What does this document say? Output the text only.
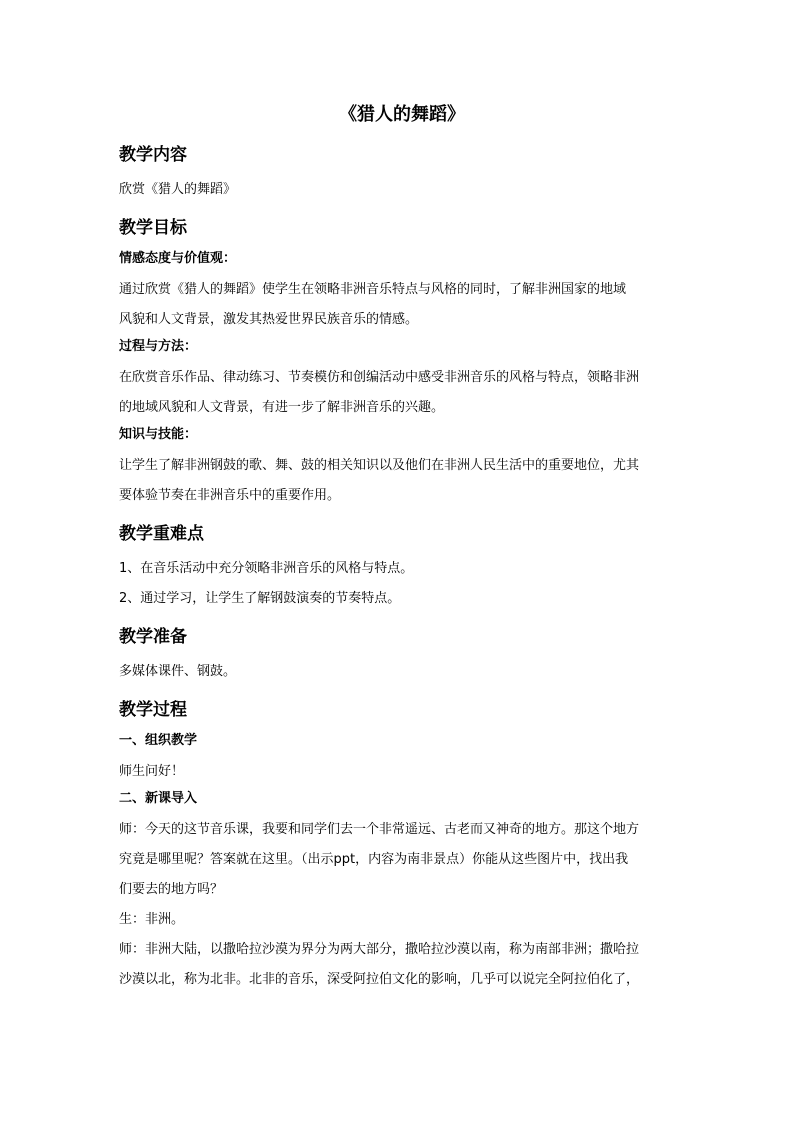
《猎人的舞蹈》
教学内容
欣赏《猎人的舞蹈》
教学目标
情感态度与价值观：
通过欣赏《猎人的舞蹈》使学生在领略非洲音乐特点与风格的同时，了解非洲国家的地域
风貌和人文背景，激发其热爱世界民族音乐的情感。
过程与方法：
在欣赏音乐作品、律动练习、节奏模仿和创编活动中感受非洲音乐的风格与特点，领略非洲
的地域风貌和人文背景，有进一步了解非洲音乐的兴趣。
知识与技能：
让学生了解非洲钢鼓的歌、舞、鼓的相关知识以及他们在非洲人民生活中的重要地位，尤其
要体验节奏在非洲音乐中的重要作用。
教学重难点
1、在音乐活动中充分领略非洲音乐的风格与特点。
2、通过学习，让学生了解钢鼓演奏的节奏特点。
教学准备
多媒体课件、钢鼓。
教学过程
一、组织教学
师生问好！
二、新课导入
师：今天的这节音乐课，我要和同学们去一个非常遥远、古老而又神奇的地方。那这个地方
究竟是哪里呢？答案就在这里。（出示ppt，内容为南非景点）你能从这些图片中，找出我
们要去的地方吗？
生：非洲。
师：非洲大陆，以撒哈拉沙漠为界分为两大部分，撒哈拉沙漠以南，称为南部非洲；撒哈拉
沙漠以北，称为北非。北非的音乐，深受阿拉伯文化的影响，几乎可以说完全阿拉伯化了，
